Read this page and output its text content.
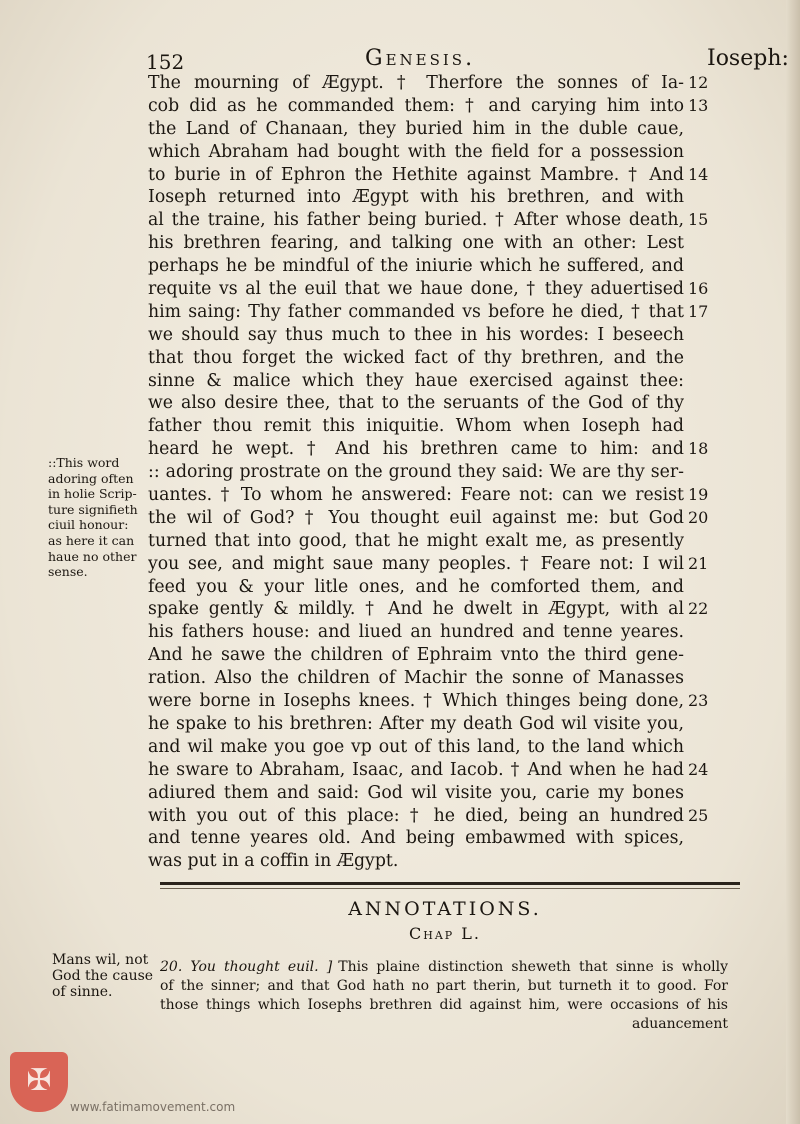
152	Genesis.	Ioseph:
The mourning of Ægypt. † Therfore the sonnes of Ia-
cob did as he commanded them: † and carying him into
the Land of Chanaan, they buried him in the duble caue,
which Abraham had bought with the field for a possession
to burie in of Ephron the Hethite against Mambre. † And
Ioseph returned into Ægypt with his brethren, and with
al the traine, his father being buried. † After whose death,
his brethren fearing, and talking one with an other: Lest
perhaps he be mindful of the iniurie which he suffered, and
requite vs al the euil that we haue done, † they aduertised
him saing: Thy father commanded vs before he died, † that
we should say thus much to thee in his wordes: I beseech
that thou forget the wicked fact of thy brethren, and the
sinne & malice which they haue exercised against thee:
we also desire thee, that to the seruants of the God of thy
father thou remit this iniquitie. Whom when Ioseph had
heard he wept. † And his brethren came to him: and
:: adoring prostrate on the ground they said: We are thy ser-
uantes. † To whom he answered: Feare not: can we resist
the wil of God? † You thought euil against me: but God
turned that into good, that he might exalt me, as presently
you see, and might saue many peoples. † Feare not: I wil
feed you & your litle ones, and he comforted them, and
spake gently & mildly. † And he dwelt in Ægypt, with al
his fathers house: and liued an hundred and tenne yeares.
And he sawe the children of Ephraim vnto the third gene-
ration. Also the children of Machir the sonne of Manasses
were borne in Iosephs knees. † Which thinges being done,
he spake to his brethren: After my death God wil visite you,
and wil make you goe vp out of this land, to the land which
he sware to Abraham, Isaac, and Iacob. † And when he had
adiured them and said: God wil visite you, carie my bones
with you out of this place: † he died, being an hundred
and tenne yeares old. And being embawmed with spices,
was put in a coffin in Ægypt.
12
13
14
15
16
17
18
19
20
21
22
23
24
25
::This word
adoring often
in holie Scrip-
ture signifieth
ciuil honour:
as here it can
haue no other
sense.
ANNOTATIONS.
Chap L.
Mans wil, not
God the cause
of sinne.
20. You thought euil. ] This plaine distinction sheweth that sinne is wholly
of the sinner; and that God hath no part therin, but turneth it to good. For
those things which Iosephs brethren did against him, were occasions of his
aduancement
✠
www.fatimamovement.com
